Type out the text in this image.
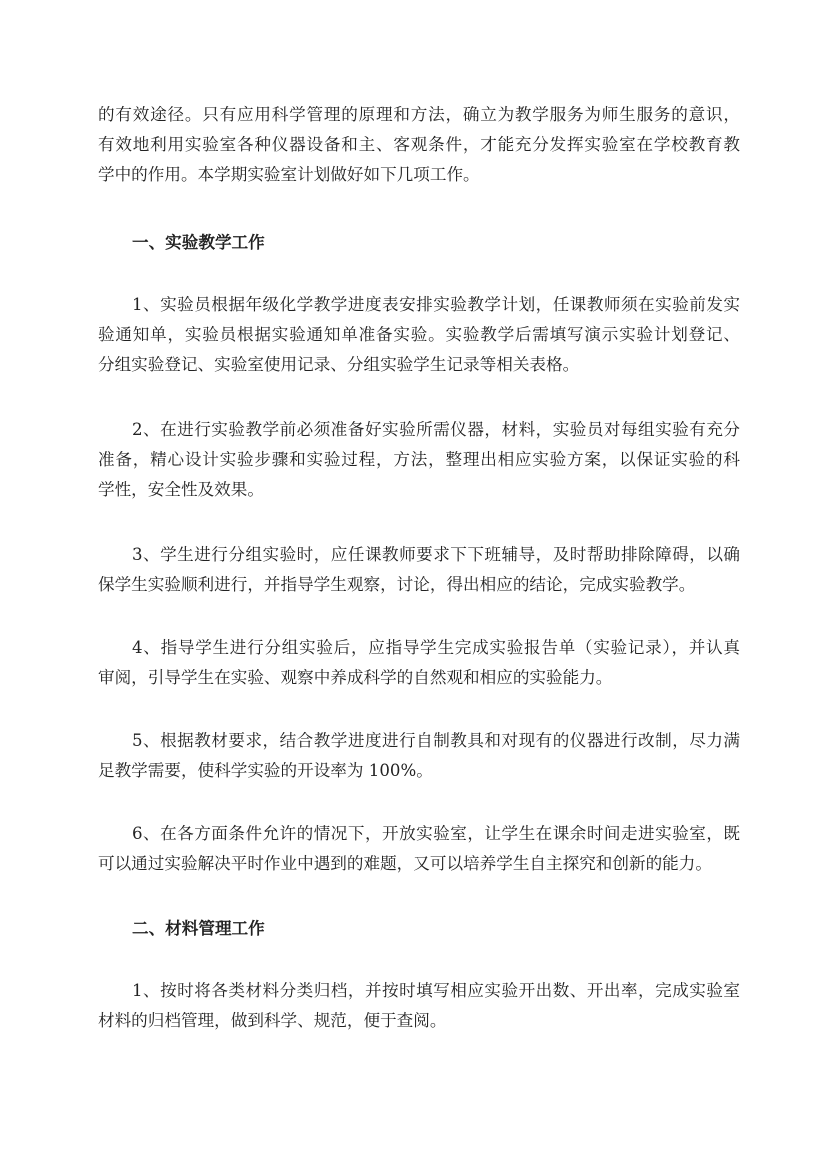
的有效途径。只有应用科学管理的原理和方法，确立为教学服务为师生服务的意识，
有效地利用实验室各种仪器设备和主、客观条件，才能充分发挥实验室在学校教育教
学中的作用。本学期实验室计划做好如下几项工作。
一、实验教学工作
1、实验员根据年级化学教学进度表安排实验教学计划，任课教师须在实验前发实
验通知单，实验员根据实验通知单准备实验。实验教学后需填写演示实验计划登记、
分组实验登记、实验室使用记录、分组实验学生记录等相关表格。
2、在进行实验教学前必须准备好实验所需仪器，材料，实验员对每组实验有充分
准备，精心设计实验步骤和实验过程，方法，整理出相应实验方案，以保证实验的科
学性，安全性及效果。
3、学生进行分组实验时，应任课教师要求下下班辅导，及时帮助排除障碍，以确
保学生实验顺利进行，并指导学生观察，讨论，得出相应的结论，完成实验教学。
4、指导学生进行分组实验后，应指导学生完成实验报告单（实验记录），并认真
审阅，引导学生在实验、观察中养成科学的自然观和相应的实验能力。
5、根据教材要求，结合教学进度进行自制教具和对现有的仪器进行改制，尽力满
足教学需要，使科学实验的开设率为 100%。
6、在各方面条件允许的情况下，开放实验室，让学生在课余时间走进实验室，既
可以通过实验解决平时作业中遇到的难题，又可以培养学生自主探究和创新的能力。
二、材料管理工作
1、按时将各类材料分类归档，并按时填写相应实验开出数、开出率，完成实验室
材料的归档管理，做到科学、规范，便于查阅。
